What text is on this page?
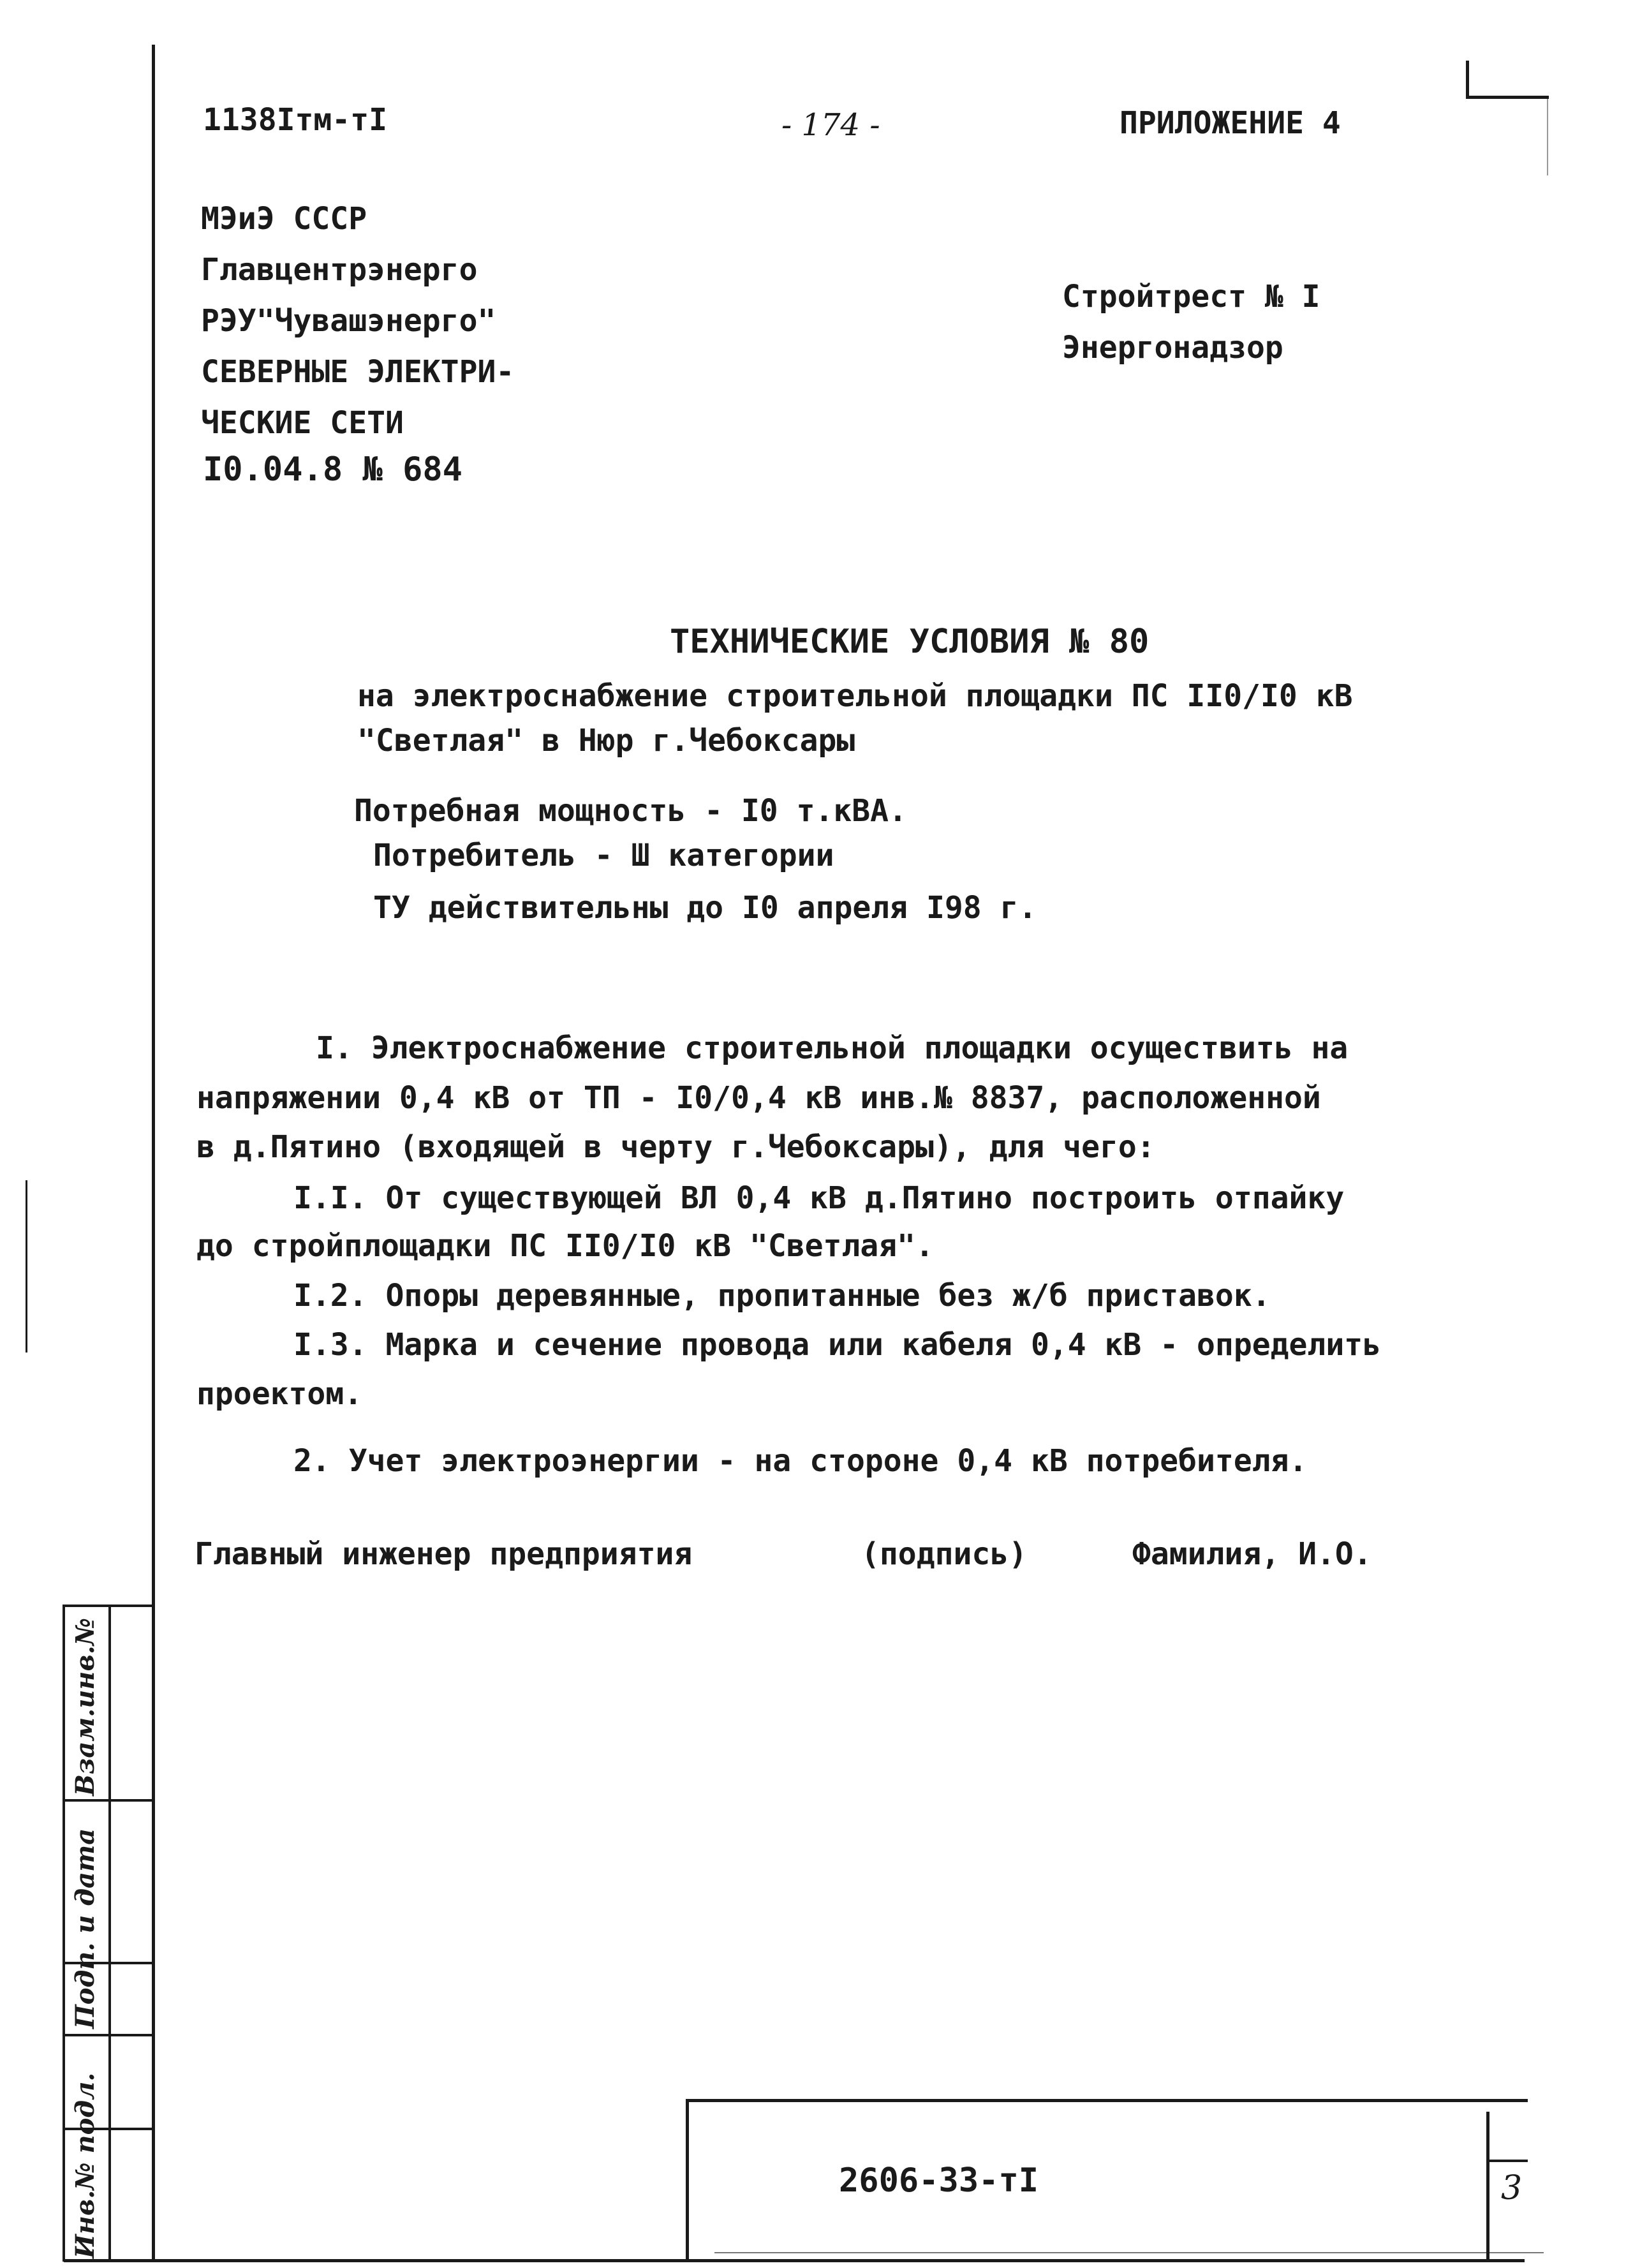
1138Iтм-тI	- 174 -	ПРИЛОЖЕНИЕ 4
МЭиЭ СССР
Главцентрэнерго
РЭУ"Чувашэнерго"
СЕВЕРНЫЕ ЭЛЕКТРИ-
ЧЕСКИЕ СЕТИ
I0.04.8 № 684
Стройтрест № I
Энергонадзор
ТЕХНИЧЕСКИЕ УСЛОВИЯ № 80
на электроснабжение строительной площадки ПС II0/I0 кВ
"Светлая" в Нюр г.Чебоксары
Потребная мощность - I0 т.кВА.
Потребитель - Ш категории
ТУ действительны до I0 апреля I98 г.
I. Электроснабжение строительной площадки осуществить на
напряжении 0,4 кВ от ТП - I0/0,4 кВ инв.№ 8837, расположенной
в д.Пятино (входящей в черту г.Чебоксары), для чего:
I.I. От существующей ВЛ 0,4 кВ д.Пятино построить отпайку
до стройплощадки ПС II0/I0 кВ "Светлая".
I.2. Опоры деревянные, пропитанные без ж/б приставок.
I.3. Марка и сечение провода или кабеля 0,4 кВ - определить
проектом.
2. Учет электроэнергии - на стороне 0,4 кВ потребителя.
Главный инженер предприятия	(подпись)	Фамилия, И.О.
Взам.инв.№
Подп. и дата
Инв.№ подл.	2606-33-тI	3
